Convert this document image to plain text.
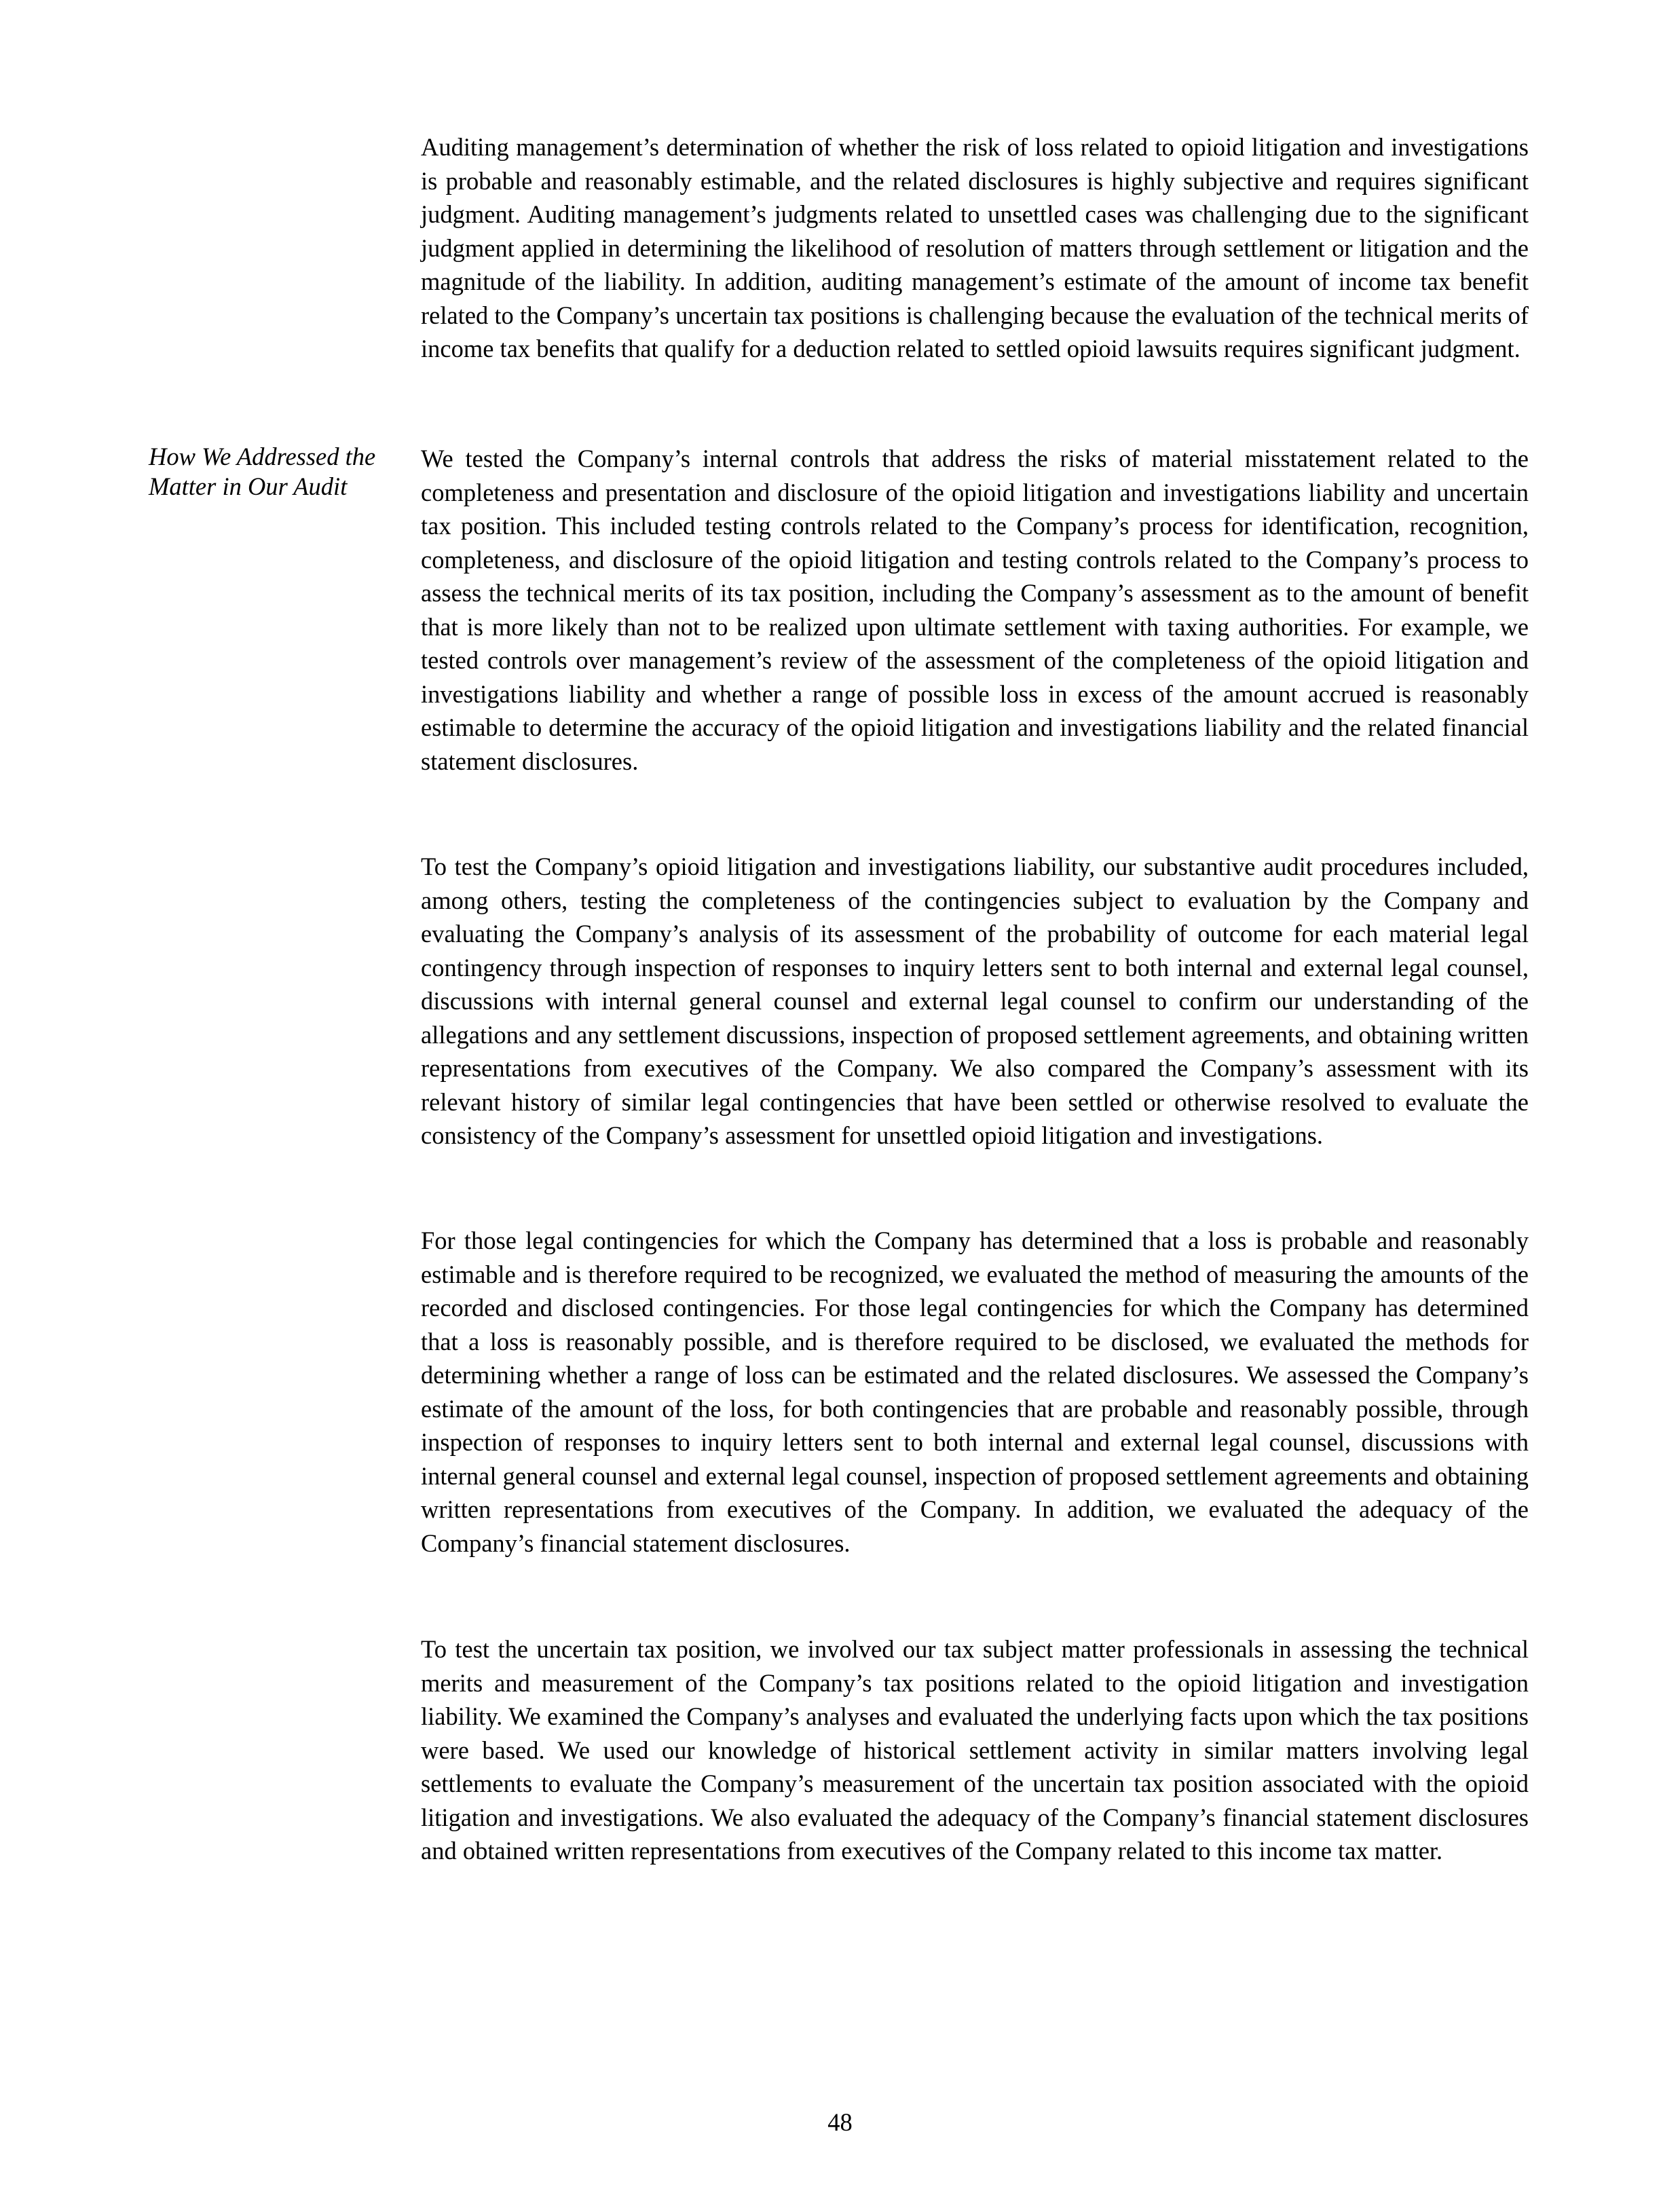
Auditing management’s determination of whether the risk of loss related to opioid litigation and investigations is probable and reasonably estimable, and the related disclosures is highly subjective and requires significant judgment. Auditing management’s judgments related to unsettled cases was challenging due to the significant judgment applied in determining the likelihood of resolution of matters through settlement or litigation and the magnitude of the liability. In addition, auditing management’s estimate of the amount of income tax benefit related to the Company’s uncertain tax positions is challenging because the evaluation of the technical merits of income tax benefits that qualify for a deduction related to settled opioid lawsuits requires significant judgment.

How We Addressed the Matter in Our Audit

We tested the Company’s internal controls that address the risks of material misstatement related to the completeness and presentation and disclosure of the opioid litigation and investigations liability and uncertain tax position. This included testing controls related to the Company’s process for identification, recognition, completeness, and disclosure of the opioid litigation and testing controls related to the Company’s process to assess the technical merits of its tax position, including the Company’s assessment as to the amount of benefit that is more likely than not to be realized upon ultimate settlement with taxing authorities. For example, we tested controls over management’s review of the assessment of the completeness of the opioid litigation and investigations liability and whether a range of possible loss in excess of the amount accrued is reasonably estimable to determine the accuracy of the opioid litigation and investigations liability and the related financial statement disclosures.

To test the Company’s opioid litigation and investigations liability, our substantive audit procedures included, among others, testing the completeness of the contingencies subject to evaluation by the Company and evaluating the Company’s analysis of its assessment of the probability of outcome for each material legal contingency through inspection of responses to inquiry letters sent to both internal and external legal counsel, discussions with internal general counsel and external legal counsel to confirm our understanding of the allegations and any settlement discussions, inspection of proposed settlement agreements, and obtaining written representations from executives of the Company. We also compared the Company’s assessment with its relevant history of similar legal contingencies that have been settled or otherwise resolved to evaluate the consistency of the Company’s assessment for unsettled opioid litigation and investigations.

For those legal contingencies for which the Company has determined that a loss is probable and reasonably estimable and is therefore required to be recognized, we evaluated the method of measuring the amounts of the recorded and disclosed contingencies. For those legal contingencies for which the Company has determined that a loss is reasonably possible, and is therefore required to be disclosed, we evaluated the methods for determining whether a range of loss can be estimated and the related disclosures. We assessed the Company’s estimate of the amount of the loss, for both contingencies that are probable and reasonably possible, through inspection of responses to inquiry letters sent to both internal and external legal counsel, discussions with internal general counsel and external legal counsel, inspection of proposed settlement agreements and obtaining written representations from executives of the Company. In addition, we evaluated the adequacy of the Company’s financial statement disclosures.

To test the uncertain tax position, we involved our tax subject matter professionals in assessing the technical merits and measurement of the Company’s tax positions related to the opioid litigation and investigation liability. We examined the Company’s analyses and evaluated the underlying facts upon which the tax positions were based. We used our knowledge of historical settlement activity in similar matters involving legal settlements to evaluate the Company’s measurement of the uncertain tax position associated with the opioid litigation and investigations. We also evaluated the adequacy of the Company’s financial statement disclosures and obtained written representations from executives of the Company related to this income tax matter.

48
